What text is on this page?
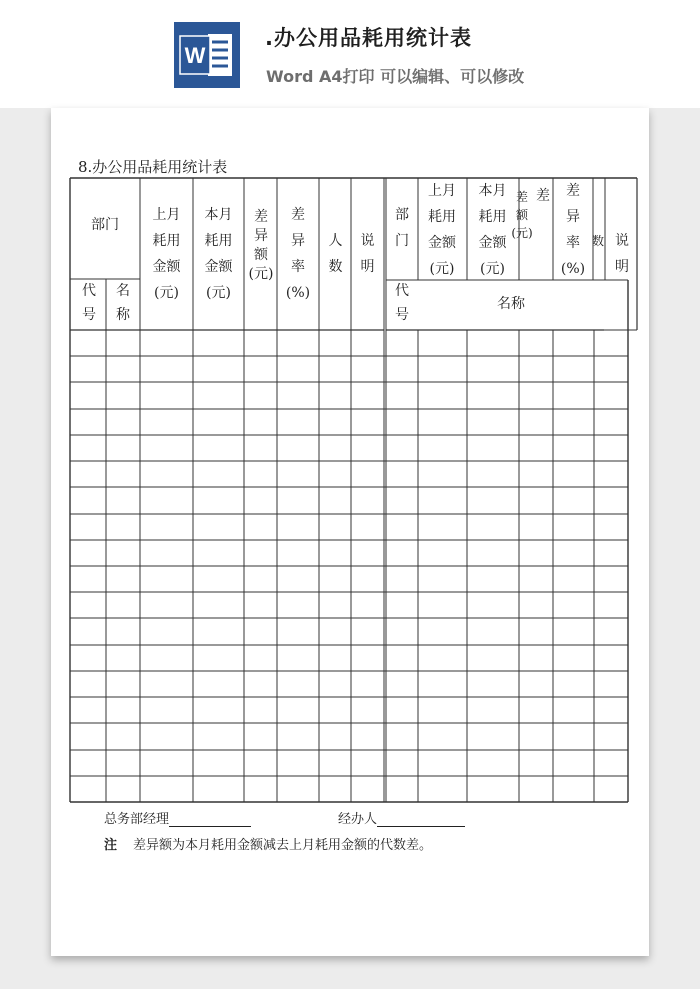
W
.办公用品耗用统计表
Word A4打印 可以编辑、可以修改
8.办公用品耗用统计表
部门
代
号
名
称
上月
耗用
金额
(元)
本月
耗用
金额
(元)
差
异
额
(元)
差
异
率
(%)
人
数
说
明
部
门
代
号
名称
上月
耗用
金额
(元)
本月
耗用
金额
(元)
差
额
(元)
差	差
异
率
(%)
数 说
明
总务部经理	经办人
注 差异额为本月耗用金额减去上月耗用金额的代数差。
